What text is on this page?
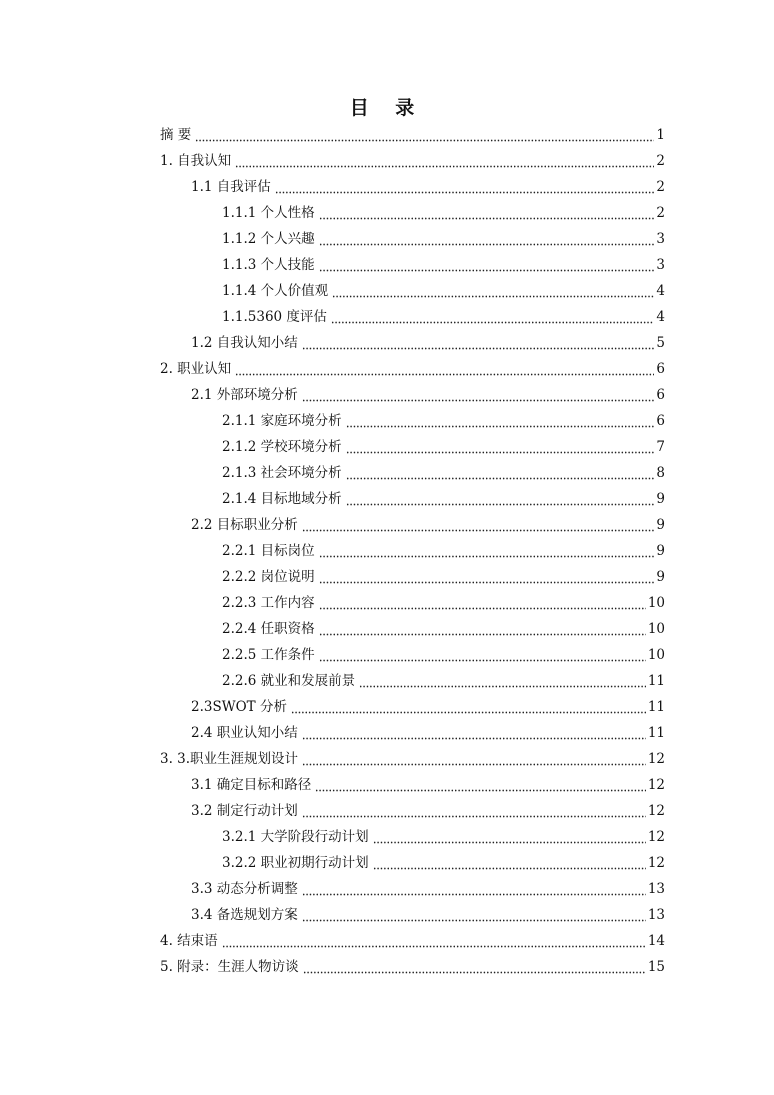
目 录
摘 要	1
1. 自我认知	2
1.1 自我评估	2
1.1.1 个人性格	2
1.1.2 个人兴趣	3
1.1.3 个人技能	3
1.1.4 个人价值观	4
1.1.5360 度评估	4
1.2 自我认知小结	5
2. 职业认知	6
2.1 外部环境分析	6
2.1.1 家庭环境分析	6
2.1.2 学校环境分析	7
2.1.3 社会环境分析	8
2.1.4 目标地域分析	9
2.2 目标职业分析	9
2.2.1 目标岗位	9
2.2.2 岗位说明	9
2.2.3 工作内容	10
2.2.4 任职资格	10
2.2.5 工作条件	10
2.2.6 就业和发展前景	11
2.3SWOT 分析	11
2.4 职业认知小结	11
3. 3.职业生涯规划设计	12
3.1 确定目标和路径	12
3.2 制定行动计划	12
3.2.1 大学阶段行动计划	12
3.2.2 职业初期行动计划	12
3.3 动态分析调整	13
3.4 备选规划方案	13
4. 结束语	14
5. 附录：生涯人物访谈	15
